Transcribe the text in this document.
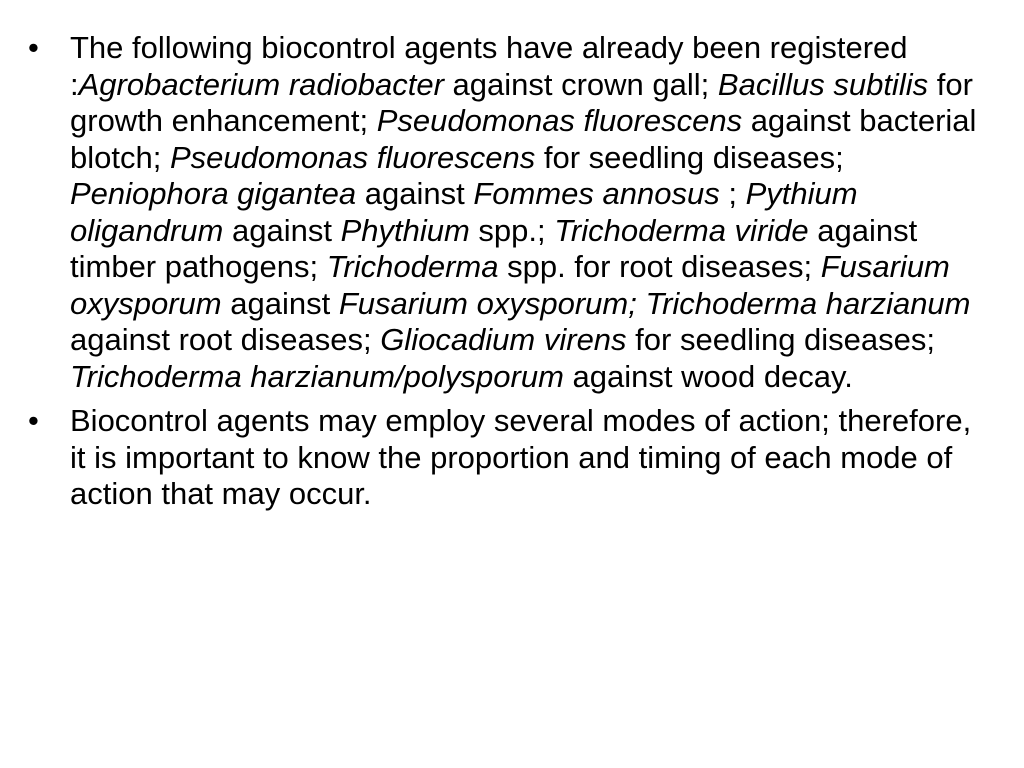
•	The following biocontrol agents have already been registered :Agrobacterium radiobacter against crown gall; Bacillus subtilis for growth enhancement; Pseudomonas fluorescens against bacterial blotch; Pseudomonas fluorescens for seedling diseases; Peniophora gigantea against Fommes annosus ; Pythium oligandrum against Phythium spp.; Trichoderma viride against timber pathogens; Trichoderma spp. for root diseases; Fusarium oxysporum against Fusarium oxysporum; Trichoderma harzianum against root diseases; Gliocadium virens for seedling diseases; Trichoderma harzianum/polysporum against wood decay.
•	Biocontrol agents may employ several modes of action; therefore, it is important to know the proportion and timing of each mode of action that may occur.
